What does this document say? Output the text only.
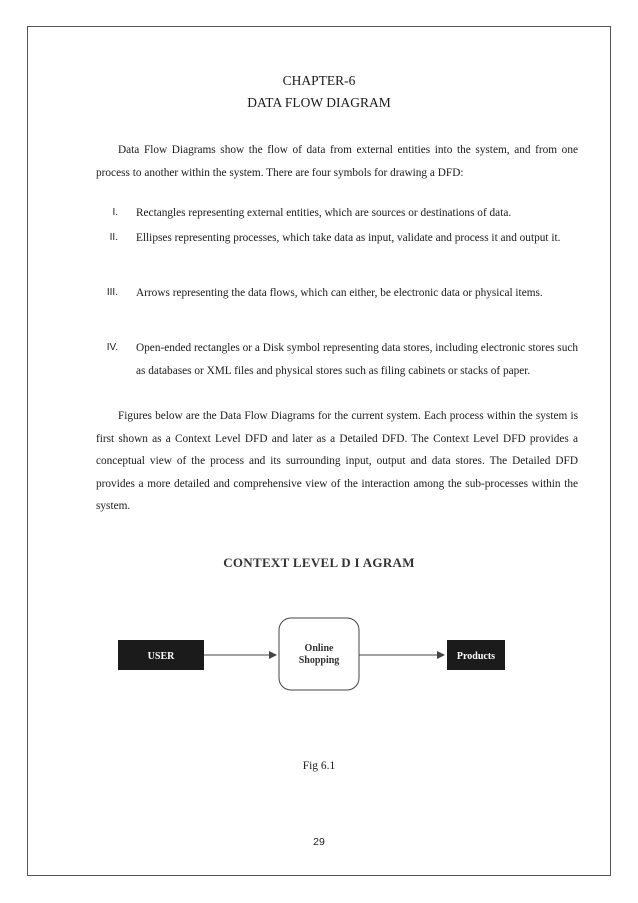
CHAPTER-6
DATA FLOW DIAGRAM

Data Flow Diagrams show the flow of data from external entities into the system, and from one process to another within the system. There are four symbols for drawing a DFD:

I. Rectangles representing external entities, which are sources or destinations of data.
II. Ellipses representing processes, which take data as input, validate and process it and output it.
III. Arrows representing the data flows, which can either, be electronic data or physical items.
IV. Open-ended rectangles or a Disk symbol representing data stores, including electronic stores such as databases or XML files and physical stores such as filing cabinets or stacks of paper.

Figures below are the Data Flow Diagrams for the current system. Each process within the system is first shown as a Context Level DFD and later as a Detailed DFD. The Context Level DFD provides a conceptual view of the process and its surrounding input, output and data stores. The Detailed DFD provides a more detailed and comprehensive view of the interaction among the sub-processes within the system.

CONTEXT LEVEL D I AGRAM
USER
Online
Shopping	Products
Fig 6.1
29
